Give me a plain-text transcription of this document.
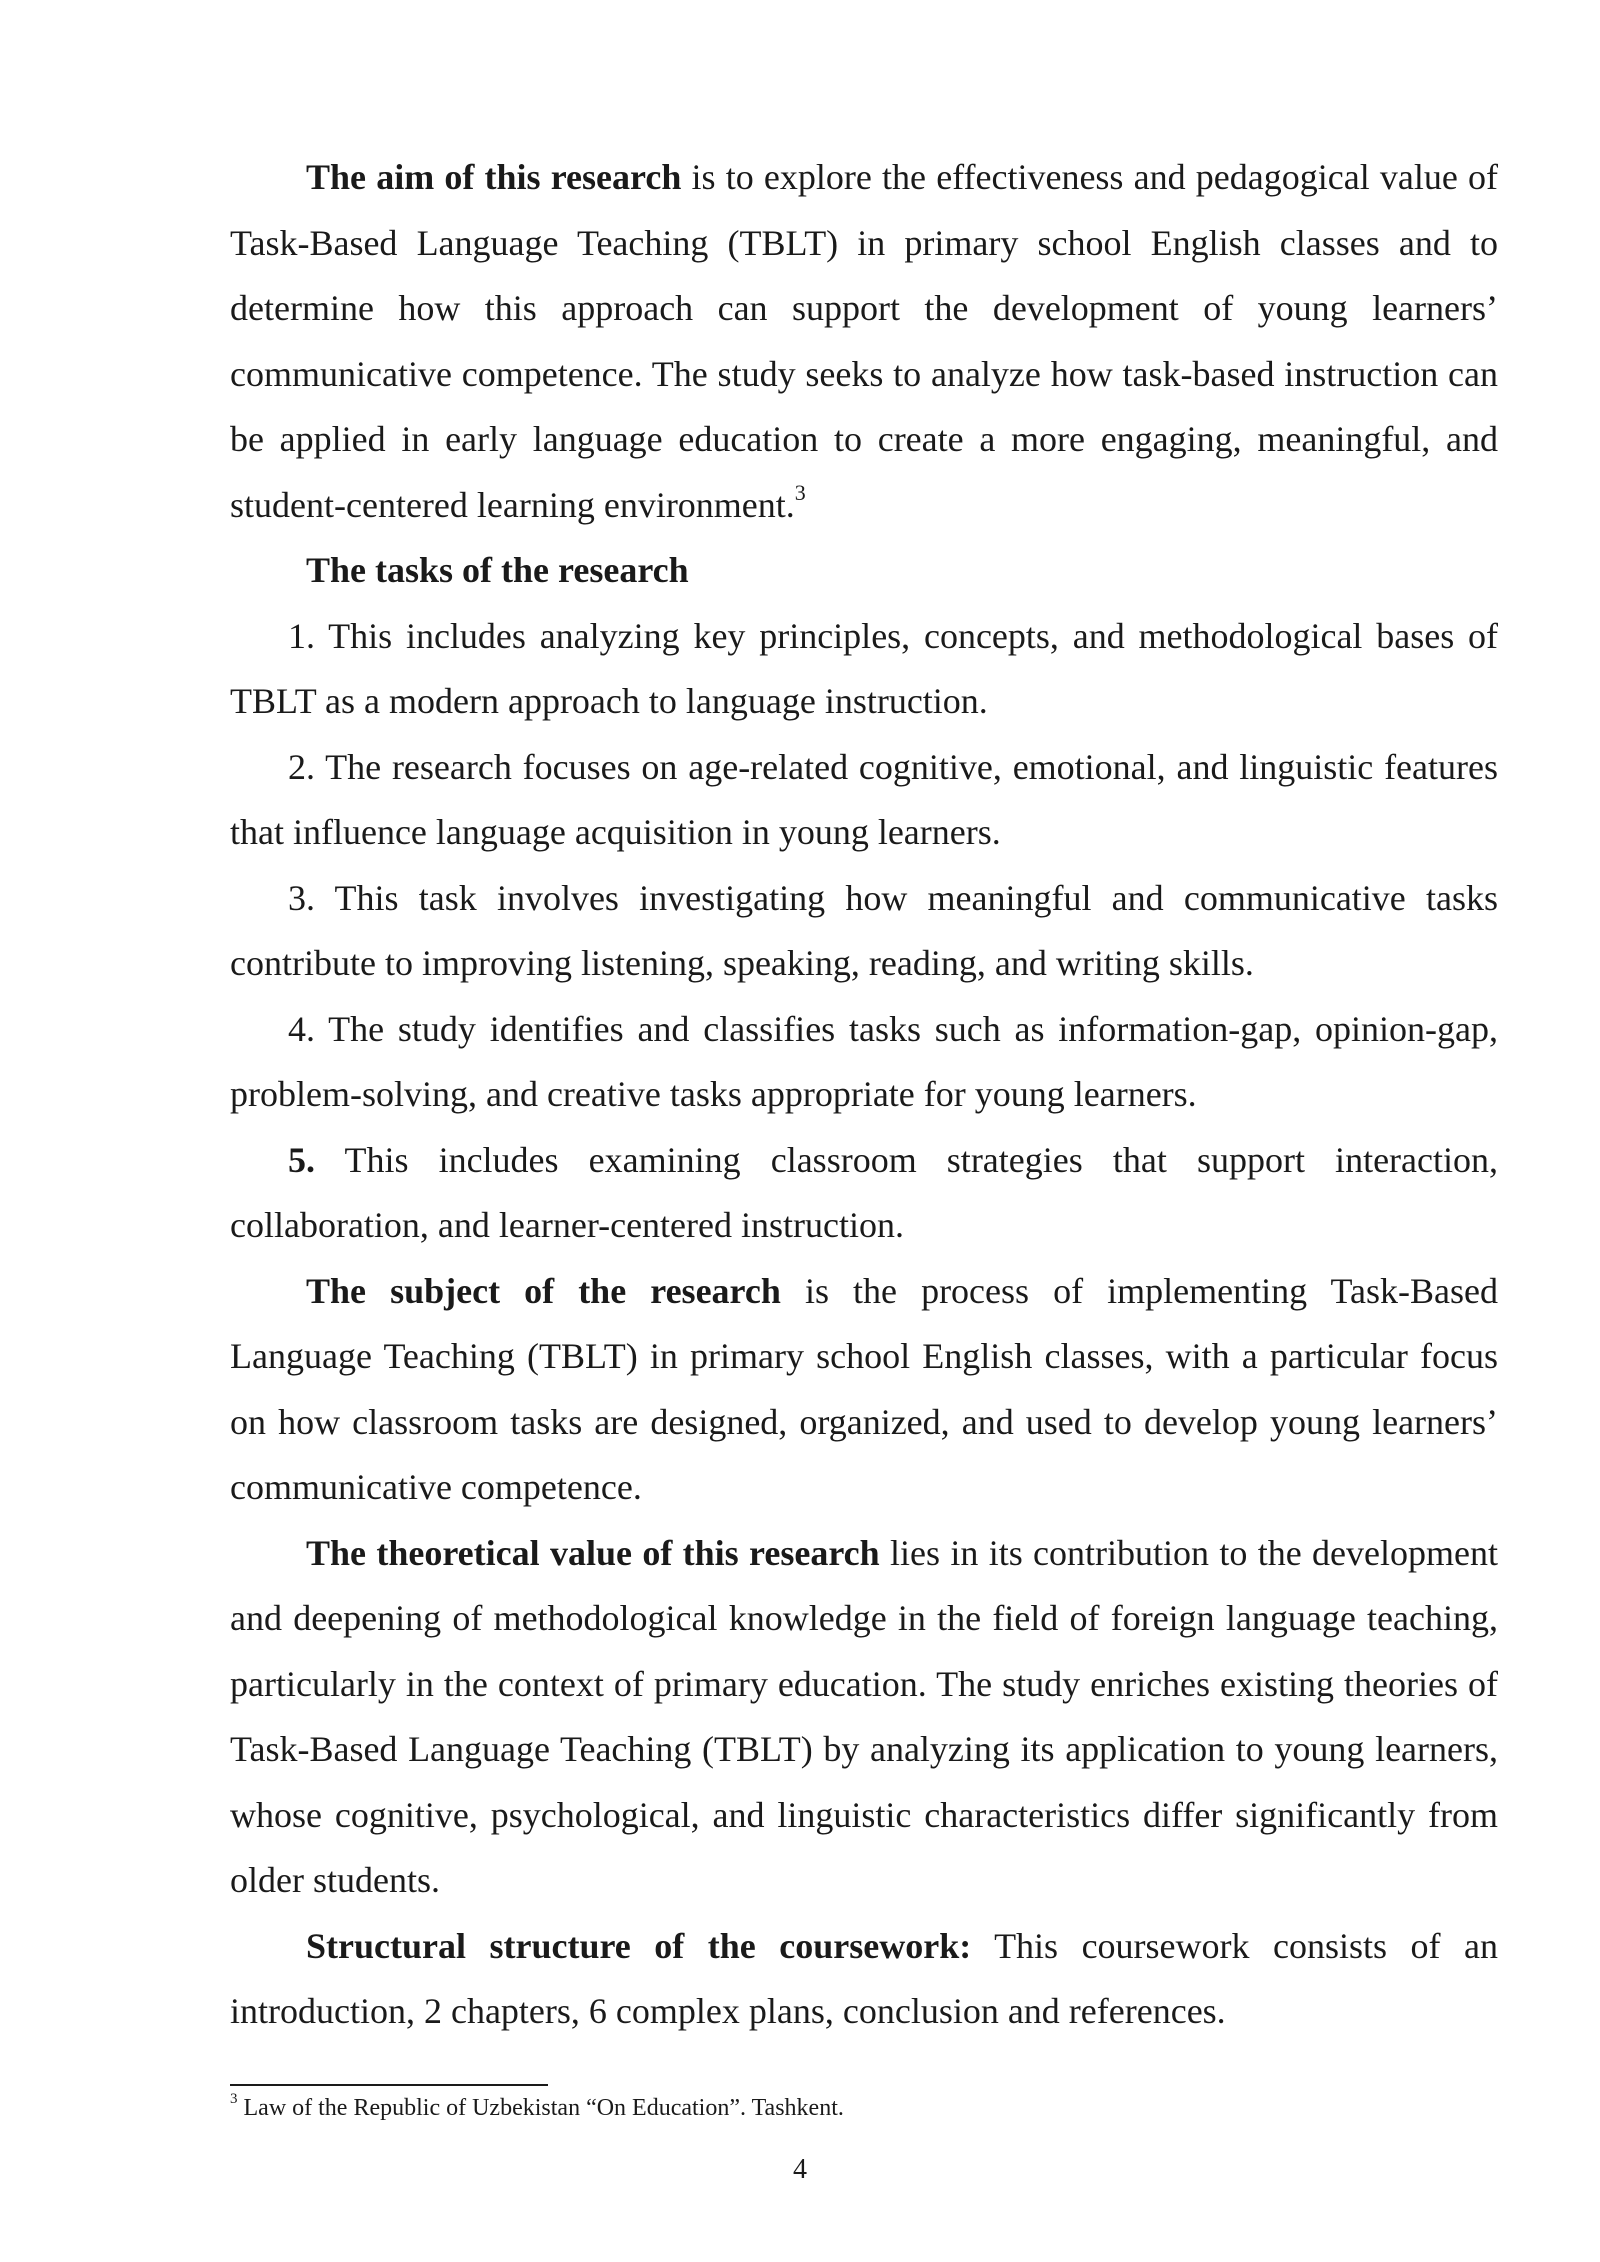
The aim of this research is to explore the effectiveness and pedagogical value of Task-Based Language Teaching (TBLT) in primary school English classes and to determine how this approach can support the development of young learners’ communicative competence. The study seeks to analyze how task-based instruction can be applied in early language education to create a more engaging, meaningful, and student-centered learning environment.$^3$

The tasks of the research

1. This includes analyzing key principles, concepts, and methodological bases of TBLT as a modern approach to language instruction.

2. The research focuses on age-related cognitive, emotional, and linguistic features that influence language acquisition in young learners.

3. This task involves investigating how meaningful and communicative tasks contribute to improving listening, speaking, reading, and writing skills.

4. The study identifies and classifies tasks such as information-gap, opinion-gap, problem-solving, and creative tasks appropriate for young learners.

5. This includes examining classroom strategies that support interaction, collaboration, and learner-centered instruction.

The subject of the research is the process of implementing Task-Based Language Teaching (TBLT) in primary school English classes, with a particular focus on how classroom tasks are designed, organized, and used to develop young learners’ communicative competence.

The theoretical value of this research lies in its contribution to the development and deepening of methodological knowledge in the field of foreign language teaching, particularly in the context of primary education. The study enriches existing theories of Task-Based Language Teaching (TBLT) by analyzing its application to young learners, whose cognitive, psychological, and linguistic characteristics differ significantly from older students.

Structural structure of the coursework: This coursework consists of an introduction, 2 chapters, 6 complex plans, conclusion and references.

$^3$ Law of the Republic of Uzbekistan “On Education”. Tashkent.

4
